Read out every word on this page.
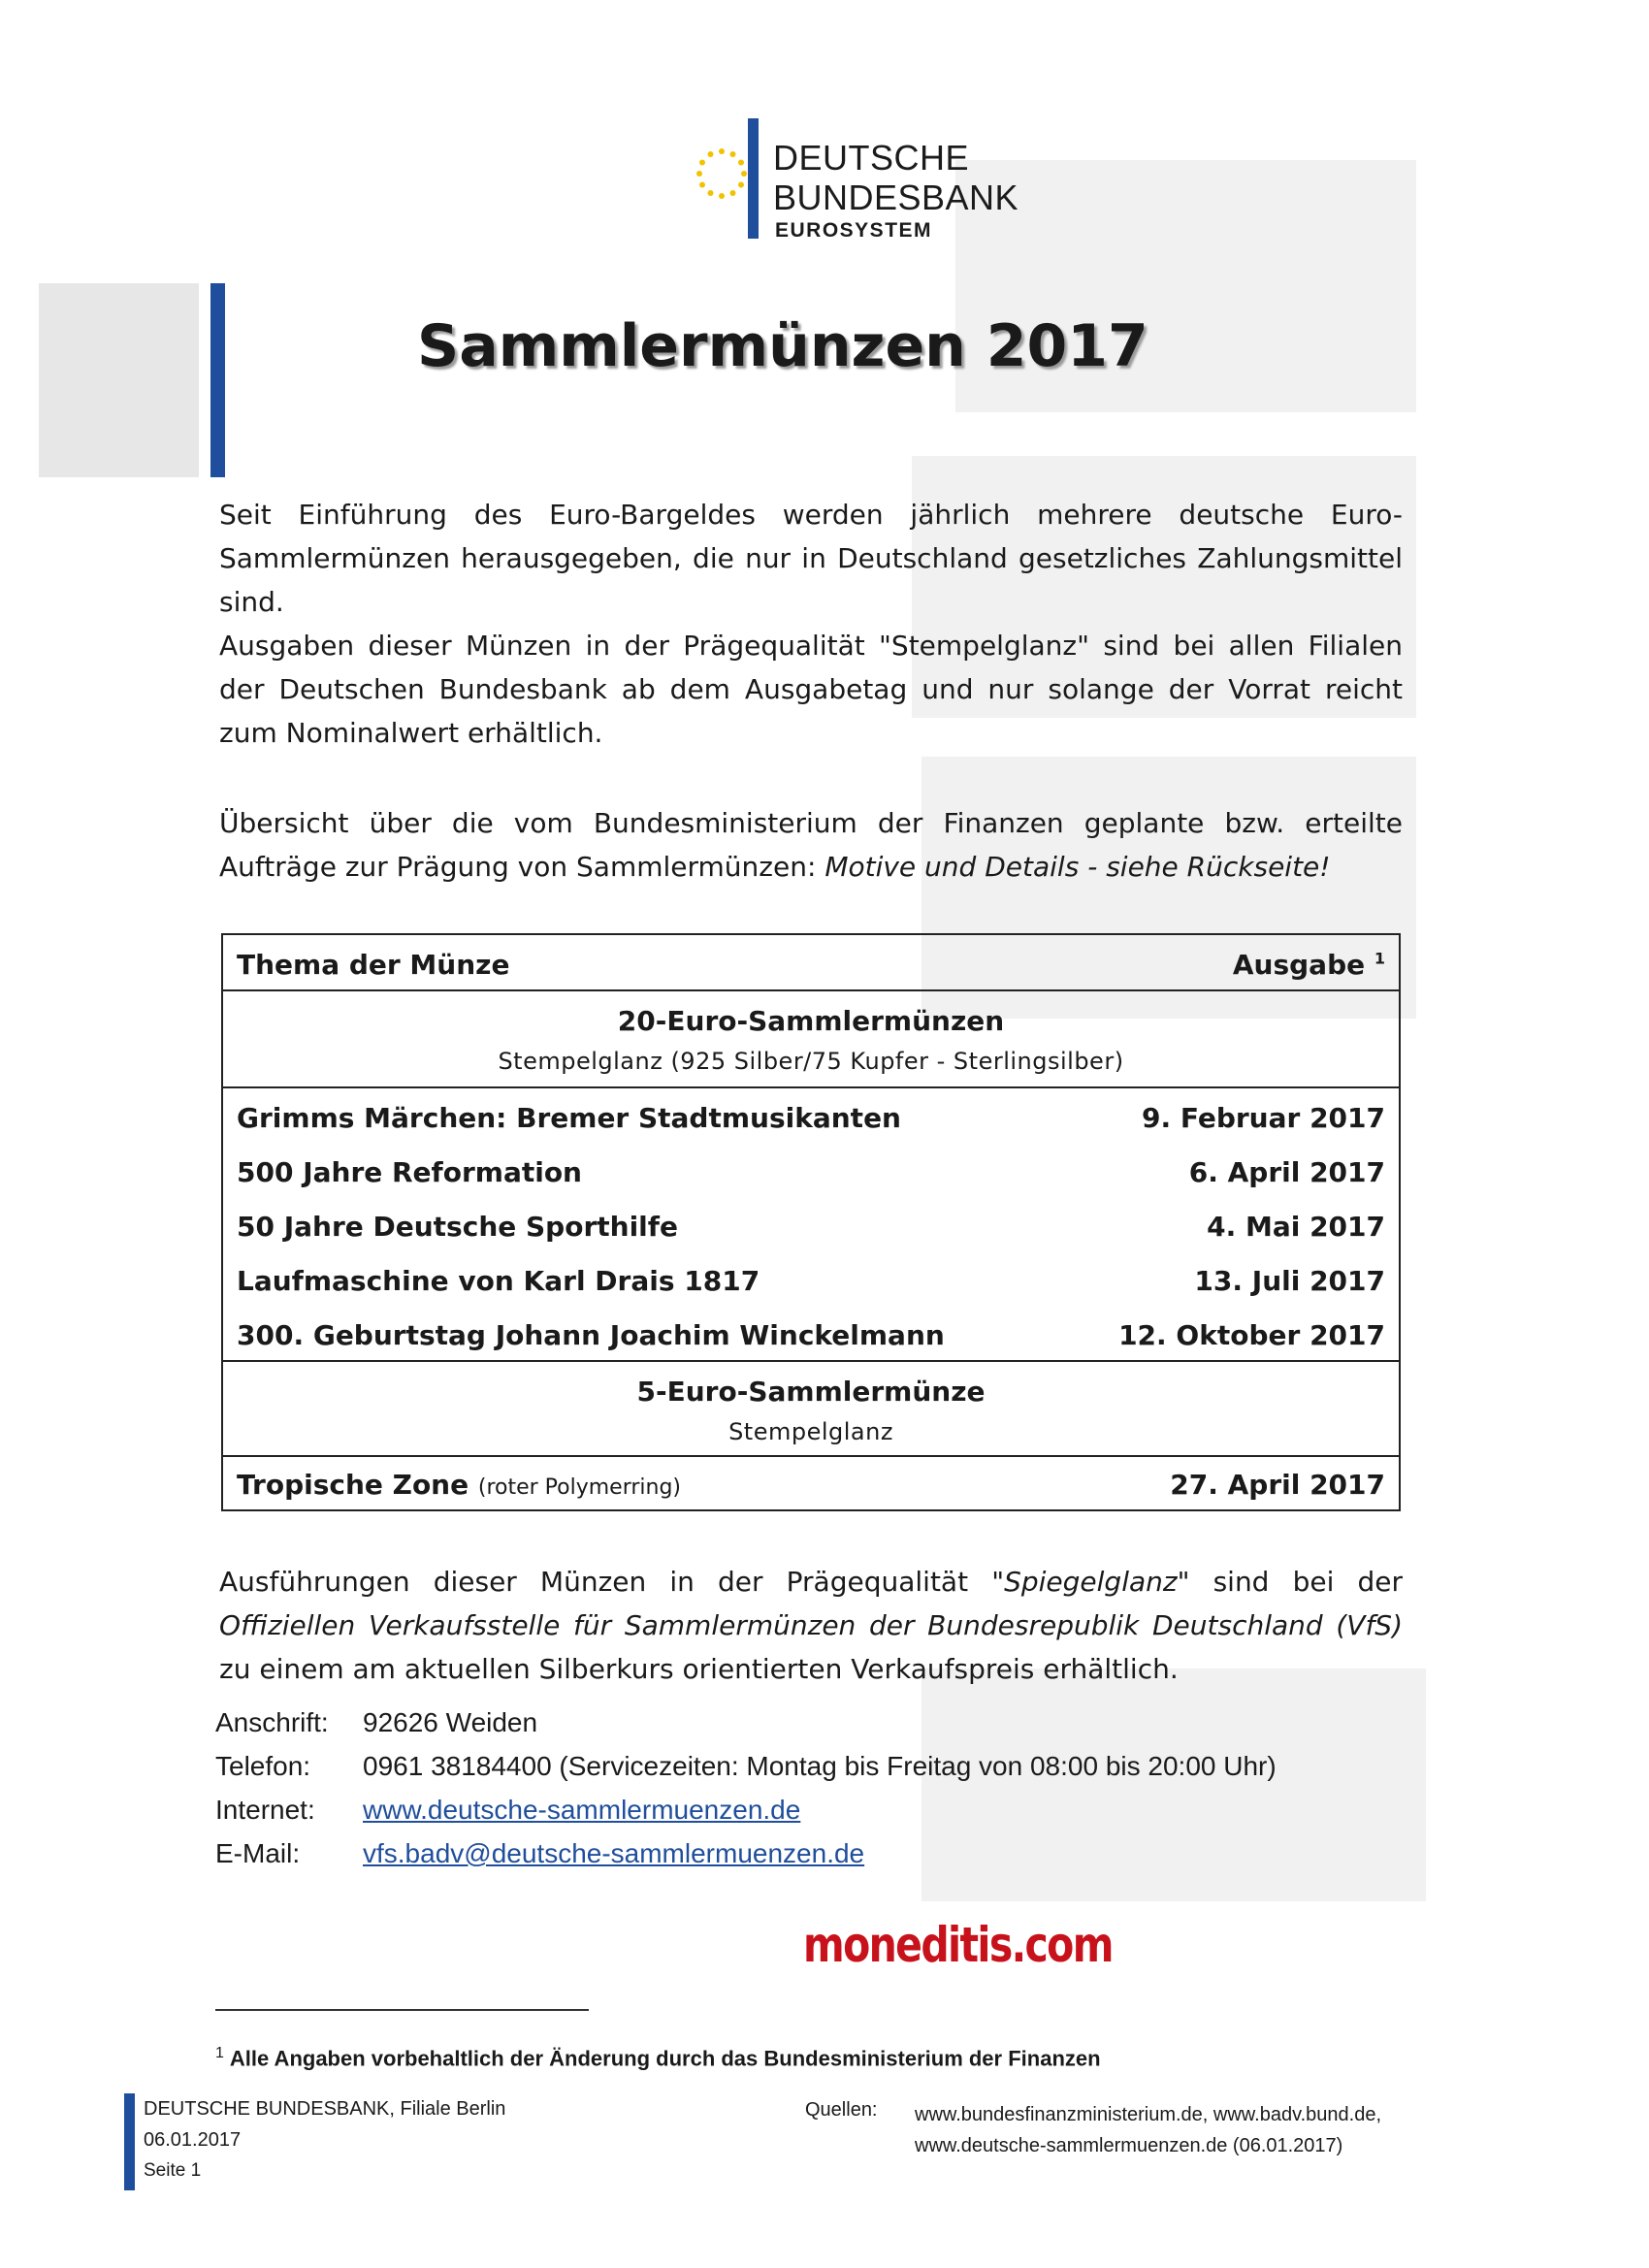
DEUTSCHE
BUNDESBANK
EUROSYSTEM
Sammlermünzen 2017

Seit Einführung des Euro-Bargeldes werden jährlich mehrere deutsche Euro-Sammlermünzen herausgegeben, die nur in Deutschland gesetzliches Zahlungsmittel sind.

Ausgaben dieser Münzen in der Prägequalität "Stempelglanz" sind bei allen Filialen der Deutschen Bundesbank ab dem Ausgabetag und nur solange der Vorrat reicht zum Nominalwert erhältlich.

Übersicht über die vom Bundesministerium der Finanzen geplante bzw. erteilte Aufträge zur Prägung von Sammlermünzen: Motive und Details - siehe Rückseite!

Thema der Münze	Ausgabe $^1$
20-Euro-Sammlermünzen
Stempelglanz (925 Silber/75 Kupfer - Sterlingsilber)
Grimms Märchen: Bremer Stadtmusikanten	9. Februar 2017
500 Jahre Reformation	6. April 2017
50 Jahre Deutsche Sporthilfe	4. Mai 2017
Laufmaschine von Karl Drais 1817	13. Juli 2017
300. Geburtstag Johann Joachim Winckelmann	12. Oktober 2017
5-Euro-Sammlermünze
Stempelglanz
Tropische Zone (roter Polymerring)	27. April 2017

Ausführungen dieser Münzen in der Prägequalität "Spiegelglanz" sind bei der Offiziellen Verkaufsstelle für Sammlermünzen der Bundesrepublik Deutschland (VfS) zu einem am aktuellen Silberkurs orientierten Verkaufspreis erhältlich.

Anschrift: 92626 Weiden
Telefon: 0961 38184400 (Servicezeiten: Montag bis Freitag von 08:00 bis 20:00 Uhr)
Internet: www.deutsche-sammlermuenzen.de
E-Mail: vfs.badv@deutsche-sammlermuenzen.de
moneditis.com
$^1$ Alle Angaben vorbehaltlich der Änderung durch das Bundesministerium der Finanzen
DEUTSCHE BUNDESBANK, Filiale Berlin
06.01.2017
Seite 1
Quellen: www.bundesfinanzministerium.de, www.badv.bund.de,
www.deutsche-sammlermuenzen.de (06.01.2017)
